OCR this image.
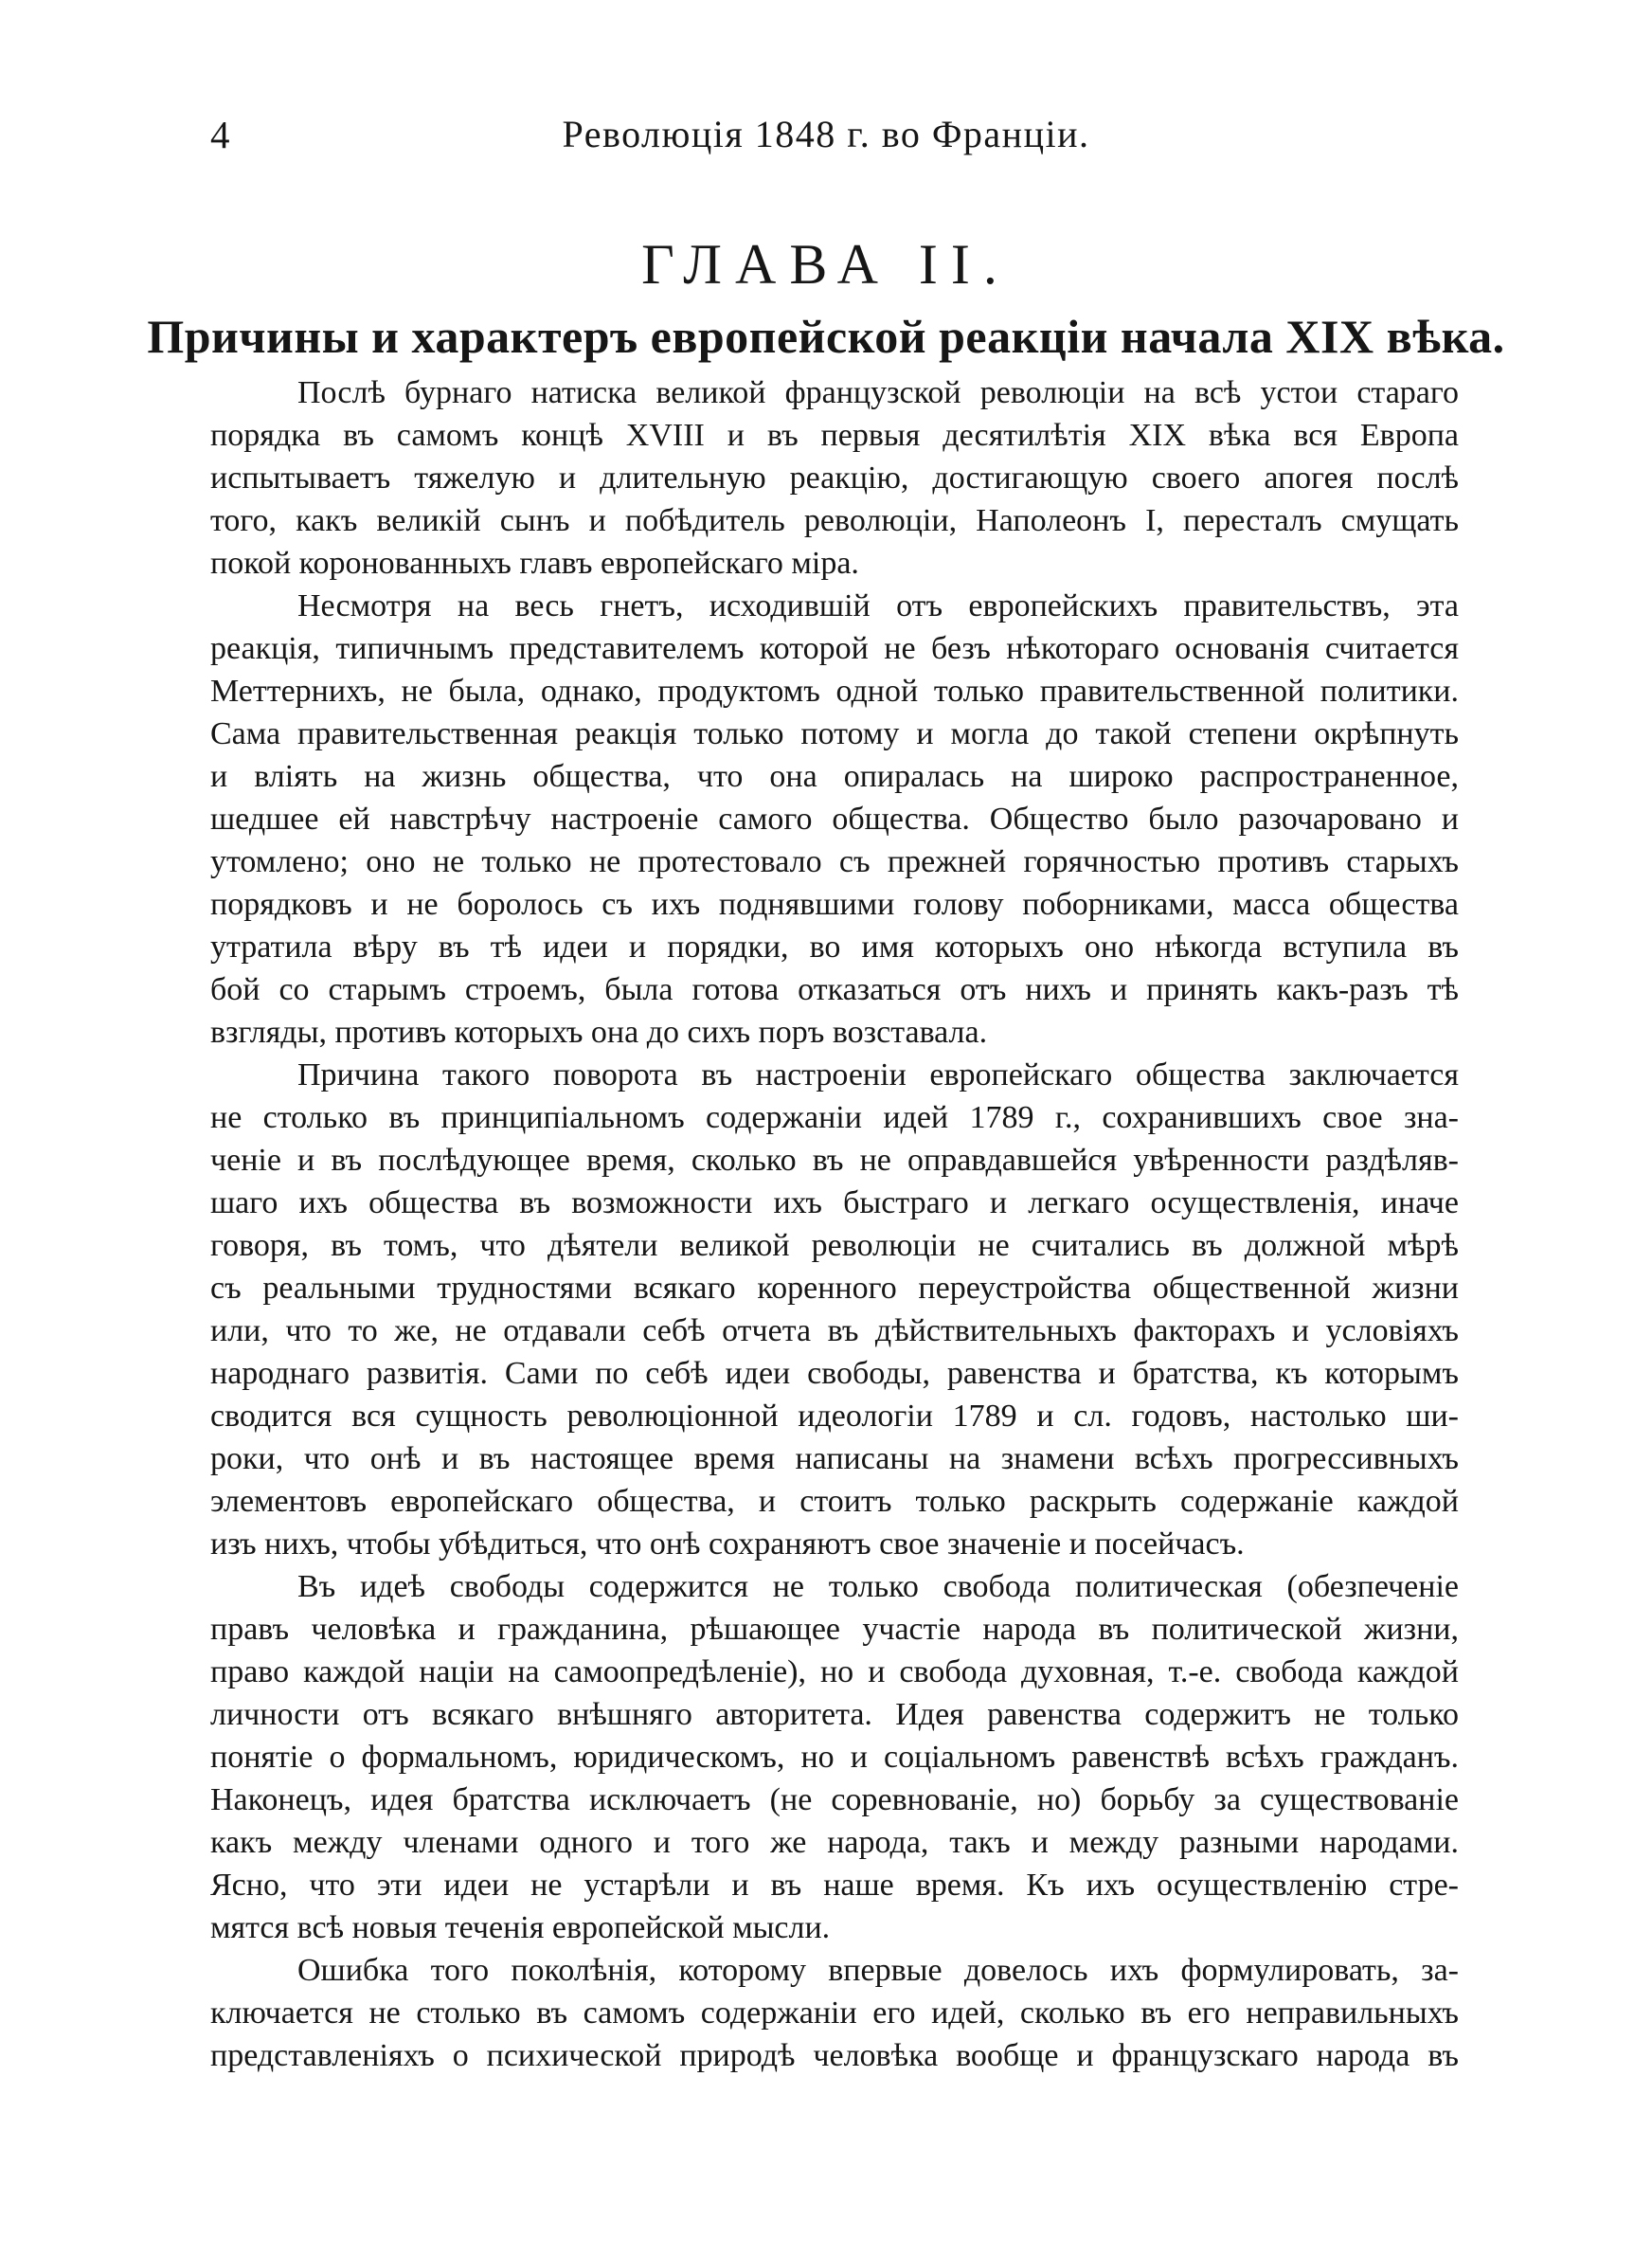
4	Революція 1848 г. во Франціи.
ГЛАВА II.
Причины и характеръ европейской реакціи начала XIX вѣка.
Послѣ бурнаго натиска великой французской революціи на всѣ устои стараго
порядка въ самомъ концѣ XVIII и въ первыя десятилѣтія XIX вѣка вся Европа
испытываетъ тяжелую и длительную реакцію, достигающую своего апогея послѣ
того, какъ великій сынъ и побѣдитель революціи, Наполеонъ I, пересталъ смущать
покой коронованныхъ главъ европейскаго міра.
Несмотря на весь гнетъ, исходившій отъ европейскихъ правительствъ, эта
реакція, типичнымъ представителемъ которой не безъ нѣкотораго основанія считается
Меттернихъ, не была, однако, продуктомъ одной только правительственной политики.
Сама правительственная реакція только потому и могла до такой степени окрѣпнуть
и влiять на жизнь общества, что она опиралась на широко распространенное,
шедшее ей навстрѣчу настроеніе самого общества. Общество было разочаровано и
утомлено; оно не только не протестовало съ прежней горячностью противъ старыхъ
порядковъ и не боролось съ ихъ поднявшими голову поборниками, масса общества
утратила вѣру въ тѣ идеи и порядки, во имя которыхъ оно нѣкогда вступила въ
бой со старымъ строемъ, была готова отказаться отъ нихъ и принять какъ-разъ тѣ
взгляды, противъ которыхъ она до сихъ поръ возставала.
Причина такого поворота въ настроеніи европейскаго общества заключается
не столько въ принципіальномъ содержаніи идей 1789 г., сохранившихъ свое зна-
ченіе и въ послѣдующее время, сколько въ не оправдавшейся увѣренности раздѣляв-
шаго ихъ общества въ возможности ихъ быстраго и легкаго осуществленія, иначе
говоря, въ томъ, что дѣятели великой революціи не считались въ должной мѣрѣ
съ реальными трудностями всякаго коренного переустройства общественной жизни
или, что то же, не отдавали себѣ отчета въ дѣйствительныхъ факторахъ и условіяхъ
народнаго развитія. Сами по себѣ идеи свободы, равенства и братства, къ которымъ
сводится вся сущность революціонной идеологіи 1789 и сл. годовъ, настолько ши-
роки, что онѣ и въ настоящее время написаны на знамени всѣхъ прогрессивныхъ
элементовъ европейскаго общества, и стоитъ только раскрыть содержаніе каждой
изъ нихъ, чтобы убѣдиться, что онѣ сохраняютъ свое значеніе и посейчасъ.
Въ идеѣ свободы содержится не только свобода политическая (обезпеченіе
правъ человѣка и гражданина, рѣшающее участіе народа въ политической жизни,
право каждой націи на самоопредѣленіе), но и свобода духовная, т.-е. свобода каждой
личности отъ всякаго внѣшняго авторитета. Идея равенства содержитъ не только
понятіе о формальномъ, юридическомъ, но и соціальномъ равенствѣ всѣхъ гражданъ.
Наконецъ, идея братства исключаетъ (не соревнованіе, но) борьбу за существованіе
какъ между членами одного и того же народа, такъ и между разными народами.
Ясно, что эти идеи не устарѣли и въ наше время. Къ ихъ осуществленію стре-
мятся всѣ новыя теченія европейской мысли.
Ошибка того поколѣнія, которому впервые довелось ихъ формулировать, за-
ключается не столько въ самомъ содержаніи его идей, сколько въ его неправильныхъ
представленіяхъ о психической природѣ человѣка вообще и французскаго народа въ
